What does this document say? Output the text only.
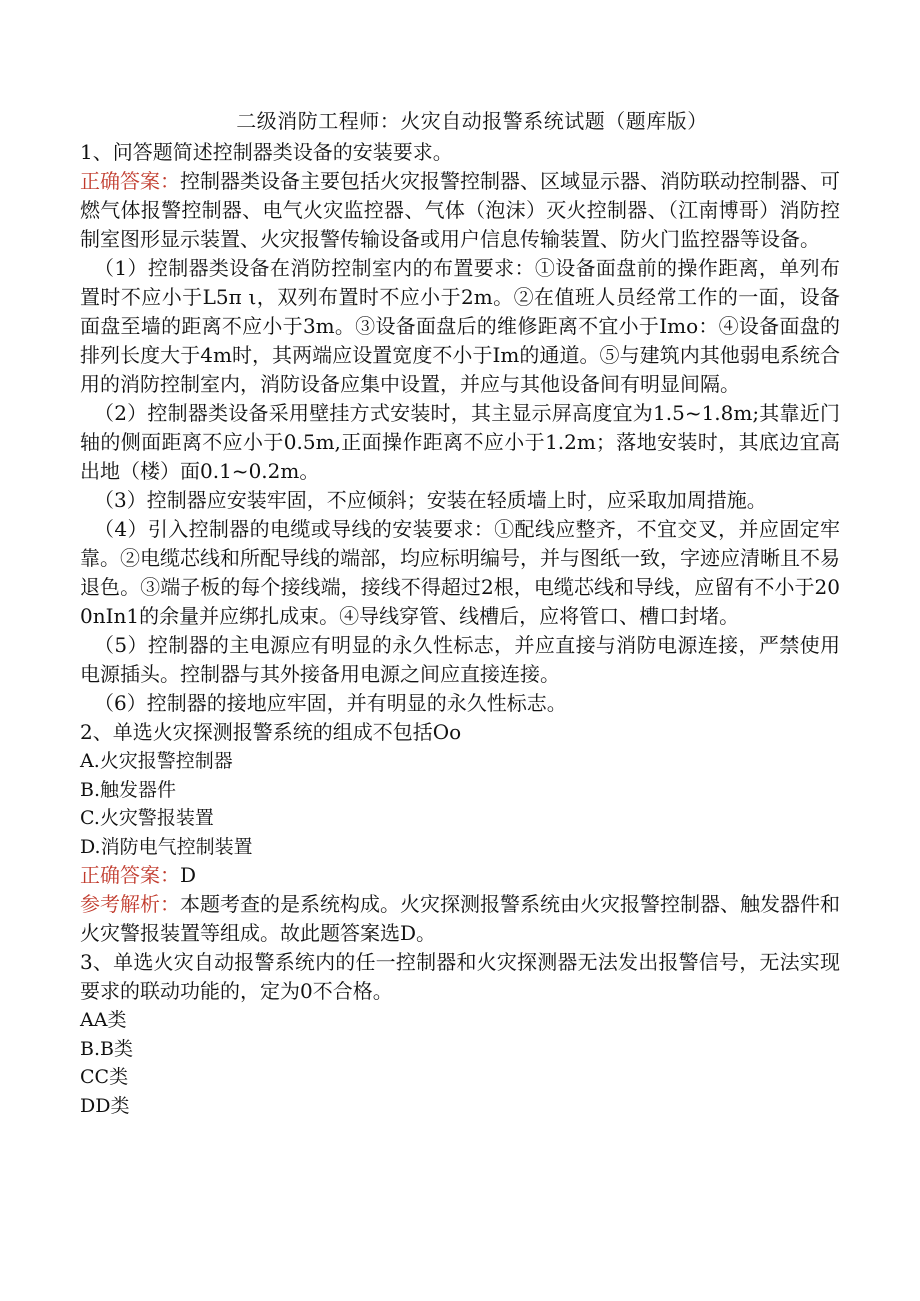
二级消防工程师：火灾自动报警系统试题（题库版）

1、问答题简述控制器类设备的安装要求。

正确答案：控制器类设备主要包括火灾报警控制器、区域显示器、消防联动控制器、可燃气体报警控制器、电气火灾监控器、气体（泡沫）灭火控制器、（江南博哥）消防控制室图形显示装置、火灾报警传输设备或用户信息传输装置、防火门监控器等设备。

（1）控制器类设备在消防控制室内的布置要求：①设备面盘前的操作距离，单列布置时不应小于L5π ι，双列布置时不应小于2m。②在值班人员经常工作的一面，设备面盘至墙的距离不应小于3m。③设备面盘后的维修距离不宜小于Imo：④设备面盘的排列长度大于4m时，其两端应设置宽度不小于Im的通道。⑤与建筑内其他弱电系统合用的消防控制室内，消防设备应集中设置，并应与其他设备间有明显间隔。

（2）控制器类设备采用壁挂方式安装时，其主显示屏高度宜为1.5~1.8m;其靠近门轴的侧面距离不应小于0.5m,正面操作距离不应小于1.2m；落地安装时，其底边宜高出地（楼）面0.1~0.2m。

（3）控制器应安装牢固，不应倾斜；安装在轻质墙上时，应采取加周措施。

（4）引入控制器的电缆或导线的安装要求：①配线应整齐，不宜交叉，并应固定牢靠。②电缆芯线和所配导线的端部，均应标明编号，并与图纸一致，字迹应清晰且不易退色。③端子板的每个接线端，接线不得超过2根，电缆芯线和导线，应留有不小于200nIn1的余量并应绑扎成束。④导线穿管、线槽后，应将管口、槽口封堵。

（5）控制器的主电源应有明显的永久性标志，并应直接与消防电源连接，严禁使用电源插头。控制器与其外接备用电源之间应直接连接。

（6）控制器的接地应牢固，并有明显的永久性标志。

2、单选火灾探测报警系统的组成不包括Oo

A.火灾报警控制器

B.触发器件

C.火灾警报装置

D.消防电气控制装置

正确答案：D

参考解析：本题考查的是系统构成。火灾探测报警系统由火灾报警控制器、触发器件和火灾警报装置等组成。故此题答案选D。

3、单选火灾自动报警系统内的任一控制器和火灾探测器无法发出报警信号，无法实现要求的联动功能的，定为0不合格。

AA类

B.B类

CC类

DD类
